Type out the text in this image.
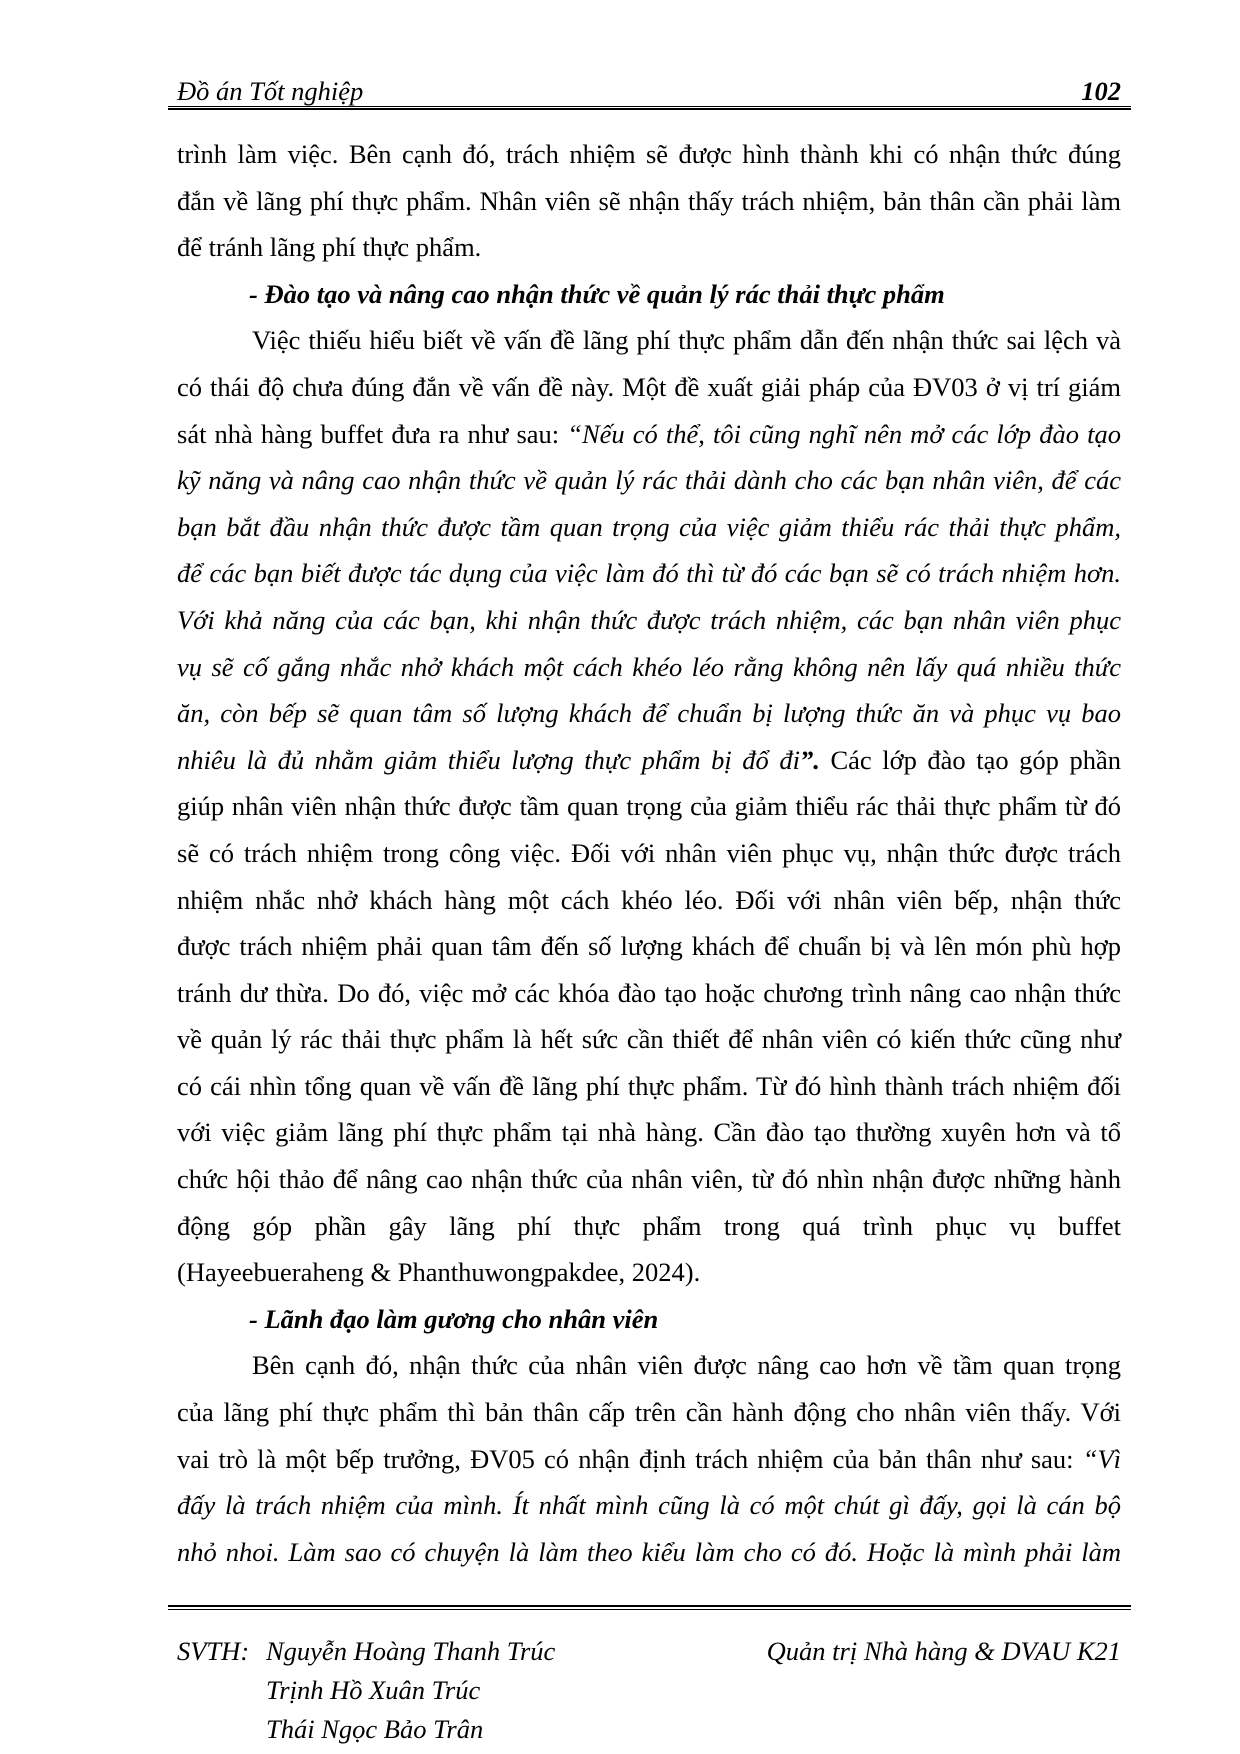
Đồ án Tốt nghiệp	102
trình làm việc. Bên cạnh đó, trách nhiệm sẽ được hình thành khi có nhận thức đúng
đắn về lãng phí thực phẩm. Nhân viên sẽ nhận thấy trách nhiệm, bản thân cần phải làm
để tránh lãng phí thực phẩm.
- Đào tạo và nâng cao nhận thức về quản lý rác thải thực phẩm
Việc thiếu hiểu biết về vấn đề lãng phí thực phẩm dẫn đến nhận thức sai lệch và
có thái độ chưa đúng đắn về vấn đề này. Một đề xuất giải pháp của ĐV03 ở vị trí giám
sát nhà hàng buffet đưa ra như sau: “Nếu có thể, tôi cũng nghĩ nên mở các lớp đào tạo
kỹ năng và nâng cao nhận thức về quản lý rác thải dành cho các bạn nhân viên, để các
bạn bắt đầu nhận thức được tầm quan trọng của việc giảm thiểu rác thải thực phẩm,
để các bạn biết được tác dụng của việc làm đó thì từ đó các bạn sẽ có trách nhiệm hơn.
Với khả năng của các bạn, khi nhận thức được trách nhiệm, các bạn nhân viên phục
vụ sẽ cố gắng nhắc nhở khách một cách khéo léo rằng không nên lấy quá nhiều thức
ăn, còn bếp sẽ quan tâm số lượng khách để chuẩn bị lượng thức ăn và phục vụ bao
nhiêu là đủ nhằm giảm thiểu lượng thực phẩm bị đổ đi”. Các lớp đào tạo góp phần
giúp nhân viên nhận thức được tầm quan trọng của giảm thiểu rác thải thực phẩm từ đó
sẽ có trách nhiệm trong công việc. Đối với nhân viên phục vụ, nhận thức được trách
nhiệm nhắc nhở khách hàng một cách khéo léo. Đối với nhân viên bếp, nhận thức
được trách nhiệm phải quan tâm đến số lượng khách để chuẩn bị và lên món phù hợp
tránh dư thừa. Do đó, việc mở các khóa đào tạo hoặc chương trình nâng cao nhận thức
về quản lý rác thải thực phẩm là hết sức cần thiết để nhân viên có kiến thức cũng như
có cái nhìn tổng quan về vấn đề lãng phí thực phẩm. Từ đó hình thành trách nhiệm đối
với việc giảm lãng phí thực phẩm tại nhà hàng. Cần đào tạo thường xuyên hơn và tổ
chức hội thảo để nâng cao nhận thức của nhân viên, từ đó nhìn nhận được những hành
động góp phần gây lãng phí thực phẩm trong quá trình phục vụ buffet
(Hayeebueraheng & Phanthuwongpakdee, 2024).
- Lãnh đạo làm gương cho nhân viên
Bên cạnh đó, nhận thức của nhân viên được nâng cao hơn về tầm quan trọng
của lãng phí thực phẩm thì bản thân cấp trên cần hành động cho nhân viên thấy. Với
vai trò là một bếp trưởng, ĐV05 có nhận định trách nhiệm của bản thân như sau: “Vì
đấy là trách nhiệm của mình. Ít nhất mình cũng là có một chút gì đấy, gọi là cán bộ
nhỏ nhoi. Làm sao có chuyện là làm theo kiểu làm cho có đó. Hoặc là mình phải làm
SVTH: Nguyễn Hoàng Thanh Trúc	Quản trị Nhà hàng & DVAU K21
Trịnh Hồ Xuân Trúc
Thái Ngọc Bảo Trân
